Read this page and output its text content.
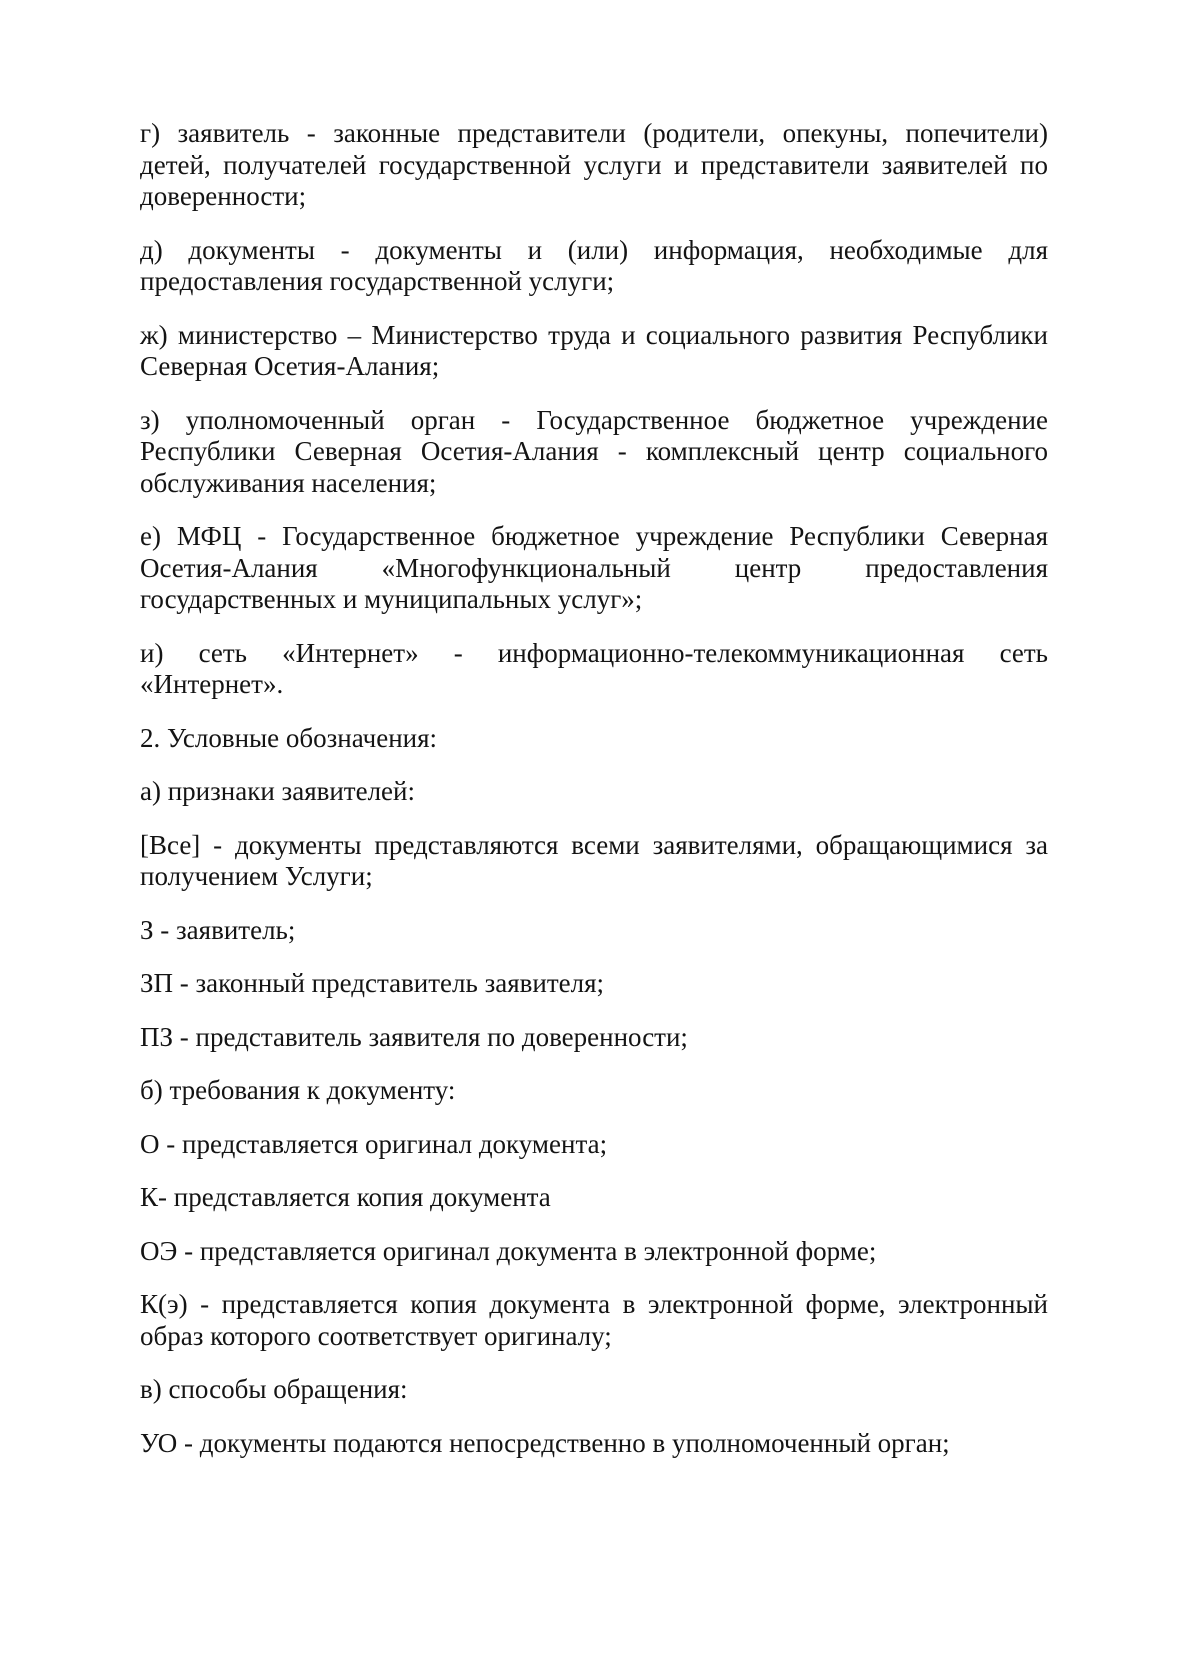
г) заявитель - законные представители (родители, опекуны, попечители) детей, получателей государственной услуги и представители заявителей по доверенности;

д) документы - документы и (или) информация, необходимые для предоставления государственной услуги;

ж) министерство – Министерство труда и социального развития Республики Северная Осетия-Алания;

з) уполномоченный орган - Государственное бюджетное учреждение Республики Северная Осетия-Алания - комплексный центр социального обслуживания населения;

е) МФЦ - Государственное бюджетное учреждение Республики Северная Осетия-Алания «Многофункциональный центр предоставления государственных и муниципальных услуг»;

и) сеть «Интернет» - информационно-телекоммуникационная сеть «Интернет».

2. Условные обозначения:

а) признаки заявителей:

[Все] - документы представляются всеми заявителями, обращающимися за получением Услуги;

З - заявитель;

ЗП - законный представитель заявителя;

ПЗ - представитель заявителя по доверенности;

б) требования к документу:

О - представляется оригинал документа;

К- представляется копия документа

ОЭ - представляется оригинал документа в электронной форме;

К(э) - представляется копия документа в электронной форме, электронный образ которого соответствует оригиналу;

в) способы обращения:

УО - документы подаются непосредственно в уполномоченный орган;
